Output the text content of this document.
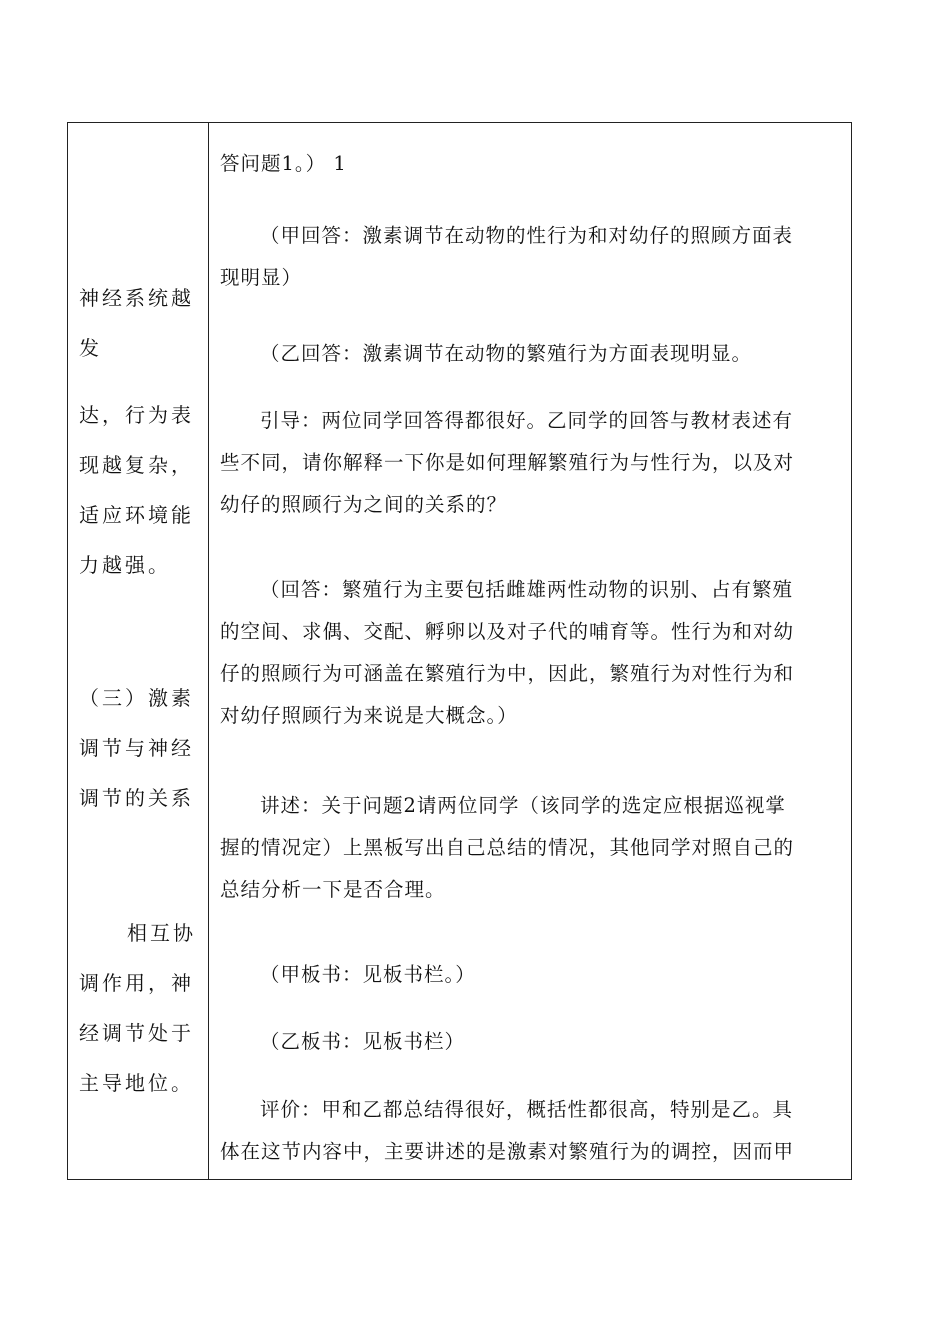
神经系统越
发
达，行为表
现越复杂，
适应环境能
力越强。
（三）激素
调节与神经
调节的关系
相互协
调作用，神
经调节处于
主导地位。
答问题1。） 1
（甲回答：激素调节在动物的性行为和对幼仔的照顾方面表
现明显）
（乙回答：激素调节在动物的繁殖行为方面表现明显。
引导：两位同学回答得都很好。乙同学的回答与教材表述有
些不同，请你解释一下你是如何理解繁殖行为与性行为，以及对
幼仔的照顾行为之间的关系的？
（回答：繁殖行为主要包括雌雄两性动物的识别、占有繁殖
的空间、求偶、交配、孵卵以及对子代的哺育等。性行为和对幼
仔的照顾行为可涵盖在繁殖行为中，因此，繁殖行为对性行为和
对幼仔照顾行为来说是大概念。）
讲述：关于问题2请两位同学（该同学的选定应根据巡视掌
握的情况定）上黑板写出自己总结的情况，其他同学对照自己的
总结分析一下是否合理。
（甲板书：见板书栏。）
（乙板书：见板书栏）
评价：甲和乙都总结得很好，概括性都很高，特别是乙。具
体在这节内容中，主要讲述的是激素对繁殖行为的调控，因而甲
